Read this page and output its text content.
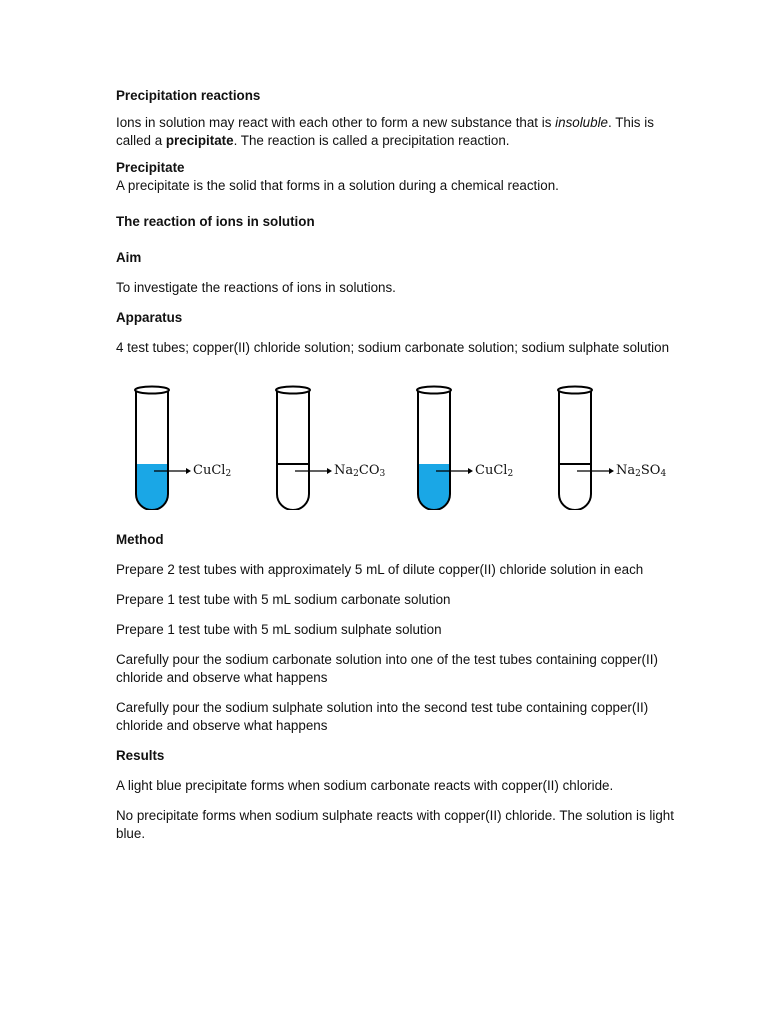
Precipitation reactions

Ions in solution may react with each other to form a new substance that is insoluble. This is called a precipitate. The reaction is called a precipitation reaction.

Precipitate

A precipitate is the solid that forms in a solution during a chemical reaction.

The reaction of ions in solution

Aim

To investigate the reactions of ions in solutions.

Apparatus

4 test tubes; copper(II) chloride solution; sodium carbonate solution; sodium sulphate solution

CuCl$_2$	$Na_2CO_3$	CuCl$_2$	$Na_2SO_4$

Method

Prepare 2 test tubes with approximately 5 mL of dilute copper(II) chloride solution in each

Prepare 1 test tube with 5 mL sodium carbonate solution

Prepare 1 test tube with 5 mL sodium sulphate solution

Carefully pour the sodium carbonate solution into one of the test tubes containing copper(II) chloride and observe what happens

Carefully pour the sodium sulphate solution into the second test tube containing copper(II) chloride and observe what happens

Results

A light blue precipitate forms when sodium carbonate reacts with copper(II) chloride.

No precipitate forms when sodium sulphate reacts with copper(II) chloride. The solution is light blue.
